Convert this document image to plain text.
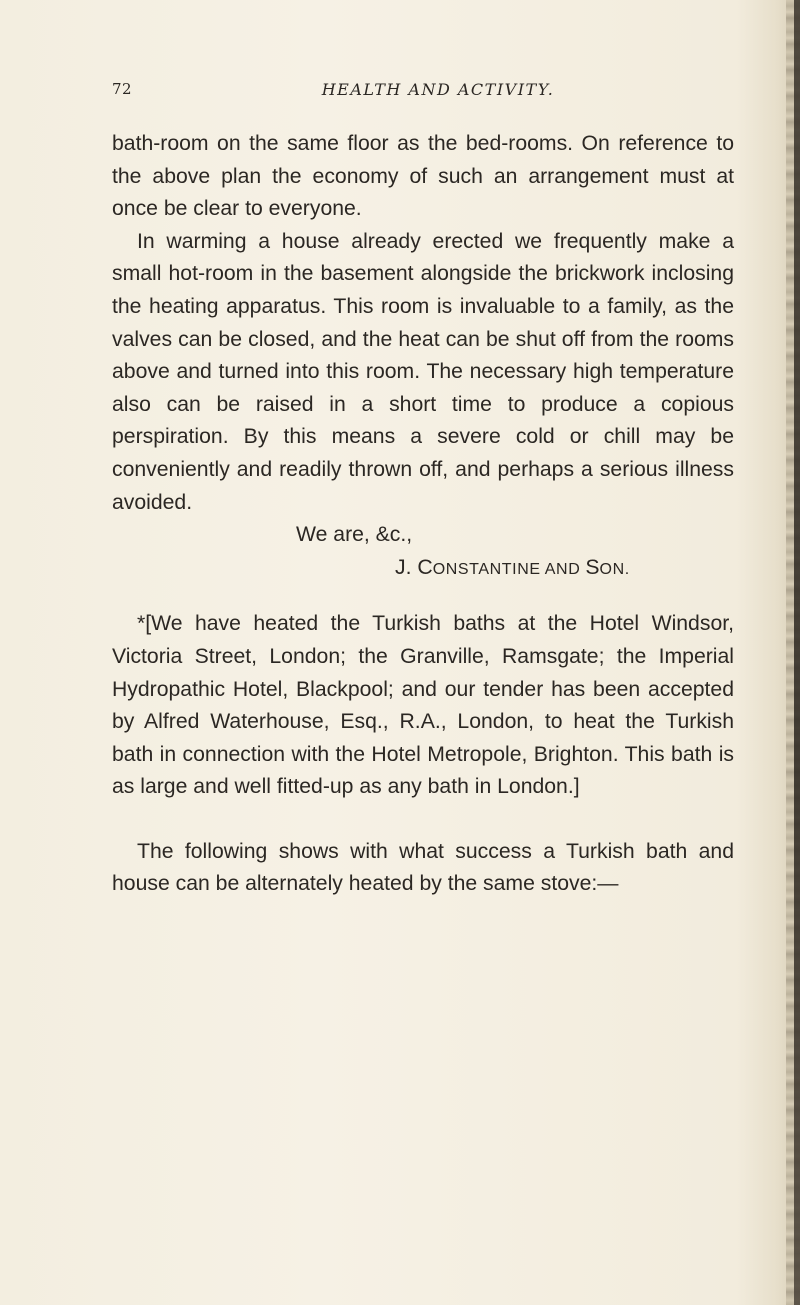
72	HEALTH AND ACTIVITY.

bath-room on the same floor as the bed-rooms. On reference to the above plan the economy of such an arrangement must at once be clear to everyone.

In warming a house already erected we frequently make a small hot-room in the basement alongside the brickwork inclosing the heating apparatus. This room is invaluable to a family, as the valves can be closed, and the heat can be shut off from the rooms above and turned into this room. The necessary high temperature also can be raised in a short time to produce a copious perspiration. By this means a severe cold or chill may be conveniently and readily thrown off, and perhaps a serious illness avoided.

We are, &c.,

J. CONSTANTINE AND SON.

*[We have heated the Turkish baths at the Hotel Windsor, Victoria Street, London; the Granville, Ramsgate; the Imperial Hydropathic Hotel, Blackpool; and our tender has been accepted by Alfred Waterhouse, Esq., R.A., London, to heat the Turkish bath in connection with the Hotel Metropole, Brighton. This bath is as large and well fitted-up as any bath in London.]

The following shows with what success a Turkish bath and house can be alternately heated by the same stove:—
